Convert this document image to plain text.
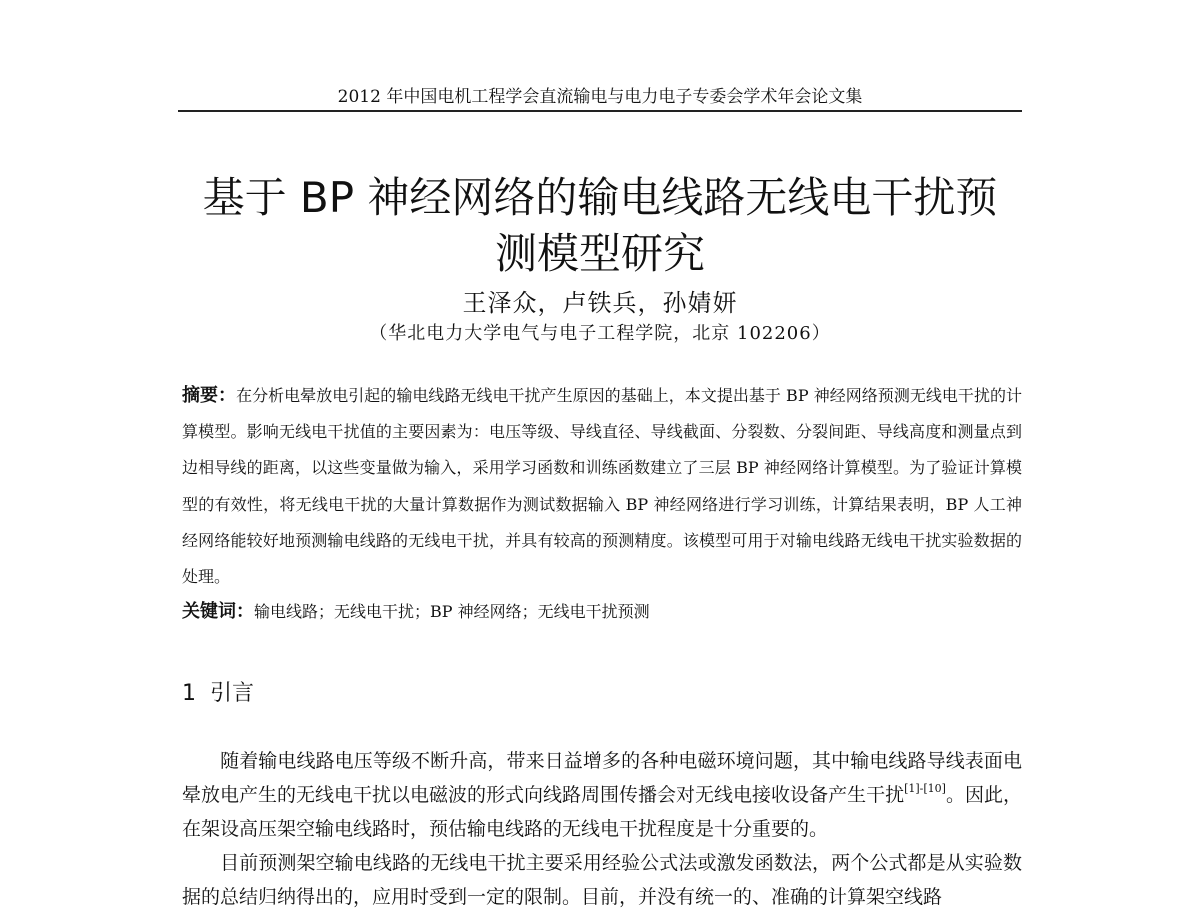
2012 年中国电机工程学会直流输电与电力电子专委会学术年会论文集
基于 BP 神经网络的输电线路无线电干扰预
测模型研究
王泽众，卢铁兵，孙婧妍
（华北电力大学电气与电子工程学院，北京 102206）

摘要：在分析电晕放电引起的输电线路无线电干扰产生原因的基础上，本文提出基于 BP 神经网络预测无线电干扰的计算模型。影响无线电干扰值的主要因素为：电压等级、导线直径、导线截面、分裂数、分裂间距、导线高度和测量点到边相导线的距离，以这些变量做为输入，采用学习函数和训练函数建立了三层 BP 神经网络计算模型。为了验证计算模型的有效性，将无线电干扰的大量计算数据作为测试数据输入 BP 神经网络进行学习训练，计算结果表明，BP 人工神经网络能较好地预测输电线路的无线电干扰，并具有较高的预测精度。该模型可用于对输电线路无线电干扰实验数据的处理。

关键词：输电线路；无线电干扰；BP 神经网络；无线电干扰预测

1 引言

随着输电线路电压等级不断升高，带来日益增多的各种电磁环境问题，其中输电线路导线表面电晕放电产生的无线电干扰以电磁波的形式向线路周围传播会对无线电接收设备产生干扰[1]-[10]。因此，在架设高压架空输电线路时，预估输电线路的无线电干扰程度是十分重要的。
目前预测架空输电线路的无线电干扰主要采用经验公式法或激发函数法，两个公式都是从实验数据的总结归纳得出的，应用时受到一定的限制。目前，并没有统一的、准确的计算架空线路
